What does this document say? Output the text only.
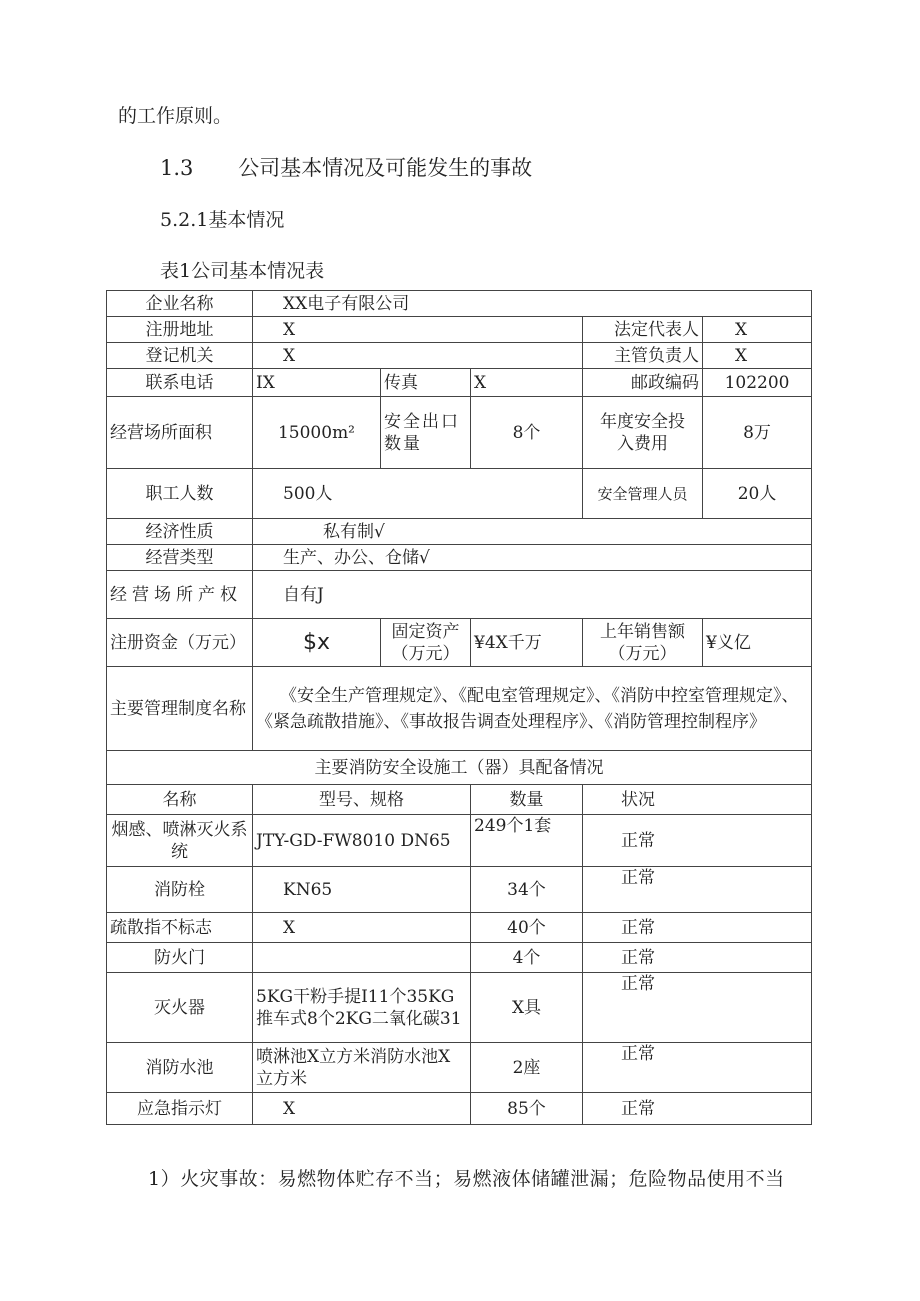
的工作原则。
1.3 公司基本情况及可能发生的事故
5.2.1基本情况
表1公司基本情况表
企业名称	XX电子有限公司				
注册地址	X			法定代表人	X
登记机关	X			主管负责人	X
联系电话	IX	传真	X	邮政编码	102200
经营场所面积	15000m²	安全出口数量	8个	年度安全投入费用	8万
职工人数	500人			安全管理人员	20人
经济性质	私有制√				
经营类型	生产、办公、仓储√				
经营场所产权	自有J				
注册资金（万元）	$x	固定资产（万元）	¥4X千万	上年销售额（万元）	¥义亿
主要管理制度名称	《安全生产管理规定》、《配电室管理规定》、《消防中控室管理规定》、《紧急疏散措施》、《事故报告调查处理程序》、《消防管理控制程序》				
主要消防安全设施工（器）具配备情况					
名称	型号、规格		数量	状况	
烟感、喷淋灭火系统	JTY-GD-FW8010 DN65		249个1套	正常	
消防栓	KN65		34个	正常	
疏散指不标志	X		40个	正常	
防火门			4个	正常	
灭火器	5KG干粉手提I11个35KG推车式8个2KG二氧化碳31		X具	正常	
消防水池	喷淋池X立方米消防水池X立方米		2座	正常	
应急指示灯	X		85个	正常	
1）火灾事故：易燃物体贮存不当；易燃液体储罐泄漏；危险物品使用不当
